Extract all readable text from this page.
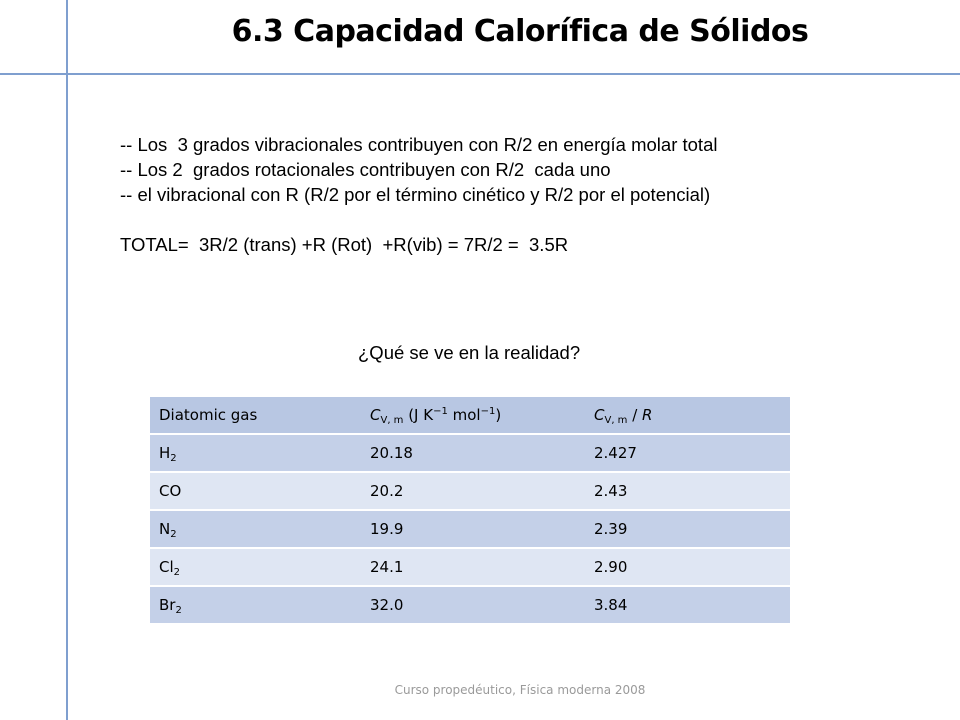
6.3 Capacidad Calorífica de Sólidos
-- Los  3 grados vibracionales contribuyen con R/2 en energía molar total
-- Los 2  grados rotacionales contribuyen con R/2  cada uno
-- el vibracional con R (R/2 por el término cinético y R/2 por el potencial)
TOTAL=  3R/2 (trans) +R (Rot)  +R(vib) = 7R/2 =  3.5R
¿Qué se ve en la realidad?
Diatomic gas	$C_{V, m}$ (J $K^{-1}$ mol$^{-1}$)	$C_{V, m}$ / R
$H_2$	20.18	2.427
CO	20.2	2.43
$N_2$	19.9	2.39
$Cl_2$	24.1	2.90
$Br_2$	32.0	3.84
Curso propedéutico, Física moderna 2008
